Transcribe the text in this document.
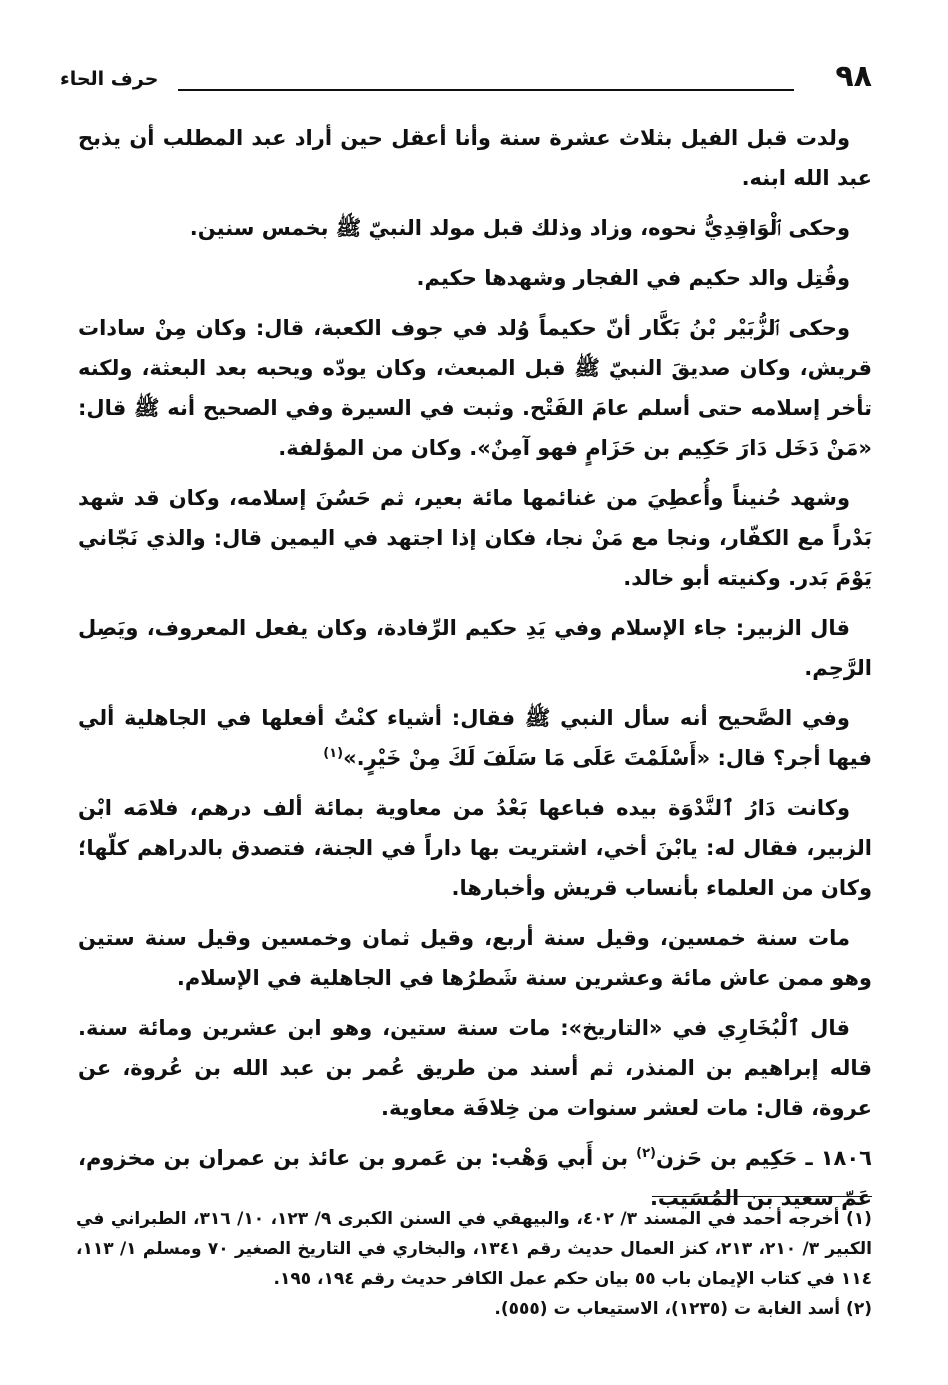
٩٨
حرف الحاء

ولدت قبل الفيل بثلاث عشرة سنة وأنا أعقل حين أراد عبد المطلب أن يذبح عبد الله ابنه.

وحكى ٱلْوَاقِدِيُّ نحوه، وزاد وذلك قبل مولد النبيّ ﷺ بخمس سنين.

وقُتِل والد حكيم في الفجار وشهدها حكيم.

وحكى ٱلزُّبَيْر بْنُ بَكَّار أنّ حكيماً وُلد في جوف الكعبة، قال: وكان مِنْ سادات قريش، وكان صديقَ النبيّ ﷺ قبل المبعث، وكان يودّه ويحبه بعد البعثة، ولكنه تأخر إسلامه حتى أسلم عامَ الفَتْح. وثبت في السيرة وفي الصحيح أنه ﷺ قال: «مَنْ دَخَل دَارَ حَكِيم بن حَزَامٍ فهو آمِنٌ». وكان من المؤلفة.

وشهد حُنيناً وأُعطِيَ من غنائمها مائة بعير، ثم حَسُنَ إسلامه، وكان قد شهد بَدْراً مع الكفّار، ونجا مع مَنْ نجا، فكان إذا اجتهد في اليمين قال: والذي نَجّاني يَوْمَ بَدر. وكنيته أبو خالد.

قال الزبير: جاء الإسلام وفي يَدِ حكيم الرِّفادة، وكان يفعل المعروف، ويَصِل الرَّحِم.

وفي الصَّحيح أنه سأل النبي ﷺ فقال: أشياء كنْتُ أفعلها في الجاهلية ألي فيها أجر؟ قال: «أَسْلَمْتَ عَلَى مَا سَلَفَ لَكَ مِنْ خَيْرٍ.»$^{(١)}$

وكانت دَارُ ٱلنَّدْوَة بيده فباعها بَعْدُ من معاوية بمائة ألف درهم، فلامَه ابْن الزبير، فقال له: يابْنَ أخي، اشتريت بها داراً في الجنة، فتصدق بالدراهم كلّها؛ وكان من العلماء بأنساب قريش وأخبارها.

مات سنة خمسين، وقيل سنة أربع، وقيل ثمان وخمسين وقيل سنة ستين وهو ممن عاش مائة وعشرين سنة شَطرُها في الجاهلية في الإسلام.

قال ٱلْبُخَارِي في «التاريخ»: مات سنة ستين، وهو ابن عشرين ومائة سنة. قاله إبراهيم بن المنذر، ثم أسند من طريق عُمر بن عبد الله بن عُروة، عن عروة، قال: مات لعشر سنوات من خِلافَة معاوية.

١٨٠٦ ـ حَكِيم بن حَزن$^{(٢)}$ بن أَبي وَهْب: بن عَمرو بن عائذ بن عمران بن مخزوم، عَمّ سعيد بن المُسَيب.

(١) أخرجه أحمد في المسند ٣/ ٤٠٢، والبيهقي في السنن الكبرى ٩/ ١٢٣، ١٠/ ٣١٦، الطبراني في الكبير ٣/ ٢١٠، ٢١٣، كنز العمال حديث رقم ١٣٤١، والبخاري في التاريخ الصغير ٧٠ ومسلم ١/ ١١٣، ١١٤ في كتاب الإيمان باب ٥٥ بيان حكم عمل الكافر حديث رقم ١٩٤، ١٩٥.

(٢) أسد الغابة ت (١٢٣٥)، الاستيعاب ت (٥٥٥).
